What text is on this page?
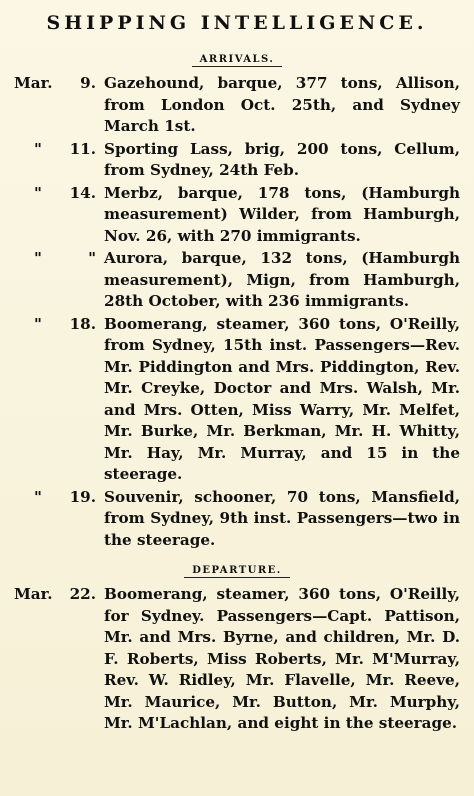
SHIPPING INTELLIGENCE.
ARRIVALS.
Mar. 9. Gazehound, barque, 377 tons, Allison, from London Oct. 25th, and Sydney March 1st.
" 11. Sporting Lass, brig, 200 tons, Cellum, from Sydney, 24th Feb.
" 14. Merbz, barque, 178 tons, (Hamburgh measurement) Wilder, from Hamburgh, Nov. 26, with 270 immigrants.
"	" Aurora, barque, 132 tons, (Hamburgh measurement), Mign, from Hamburgh, 28th October, with 236 immigrants.
" 18. Boomerang, steamer, 360 tons, O'Reilly, from Sydney, 15th inst. Passengers—Rev. Mr. Piddington and Mrs. Piddington, Rev. Mr. Creyke, Doctor and Mrs. Walsh, Mr. and Mrs. Otten, Miss Warry, Mr. Melfet, Mr. Burke, Mr. Berkman, Mr. H. Whitty, Mr. Hay, Mr. Murray, and 15 in the steerage.
" 19. Souvenir, schooner, 70 tons, Mansfield, from Sydney, 9th inst. Passengers—two in the steerage.
DEPARTURE.
Mar. 22. Boomerang, steamer, 360 tons, O'Reilly, for Sydney. Passengers—Capt. Pattison, Mr. and Mrs. Byrne, and children, Mr. D. F. Roberts, Miss Roberts, Mr. M'Murray, Rev. W. Ridley, Mr. Flavelle, Mr. Reeve, Mr. Maurice, Mr. Button, Mr. Murphy, Mr. M'Lachlan, and eight in the steerage.
